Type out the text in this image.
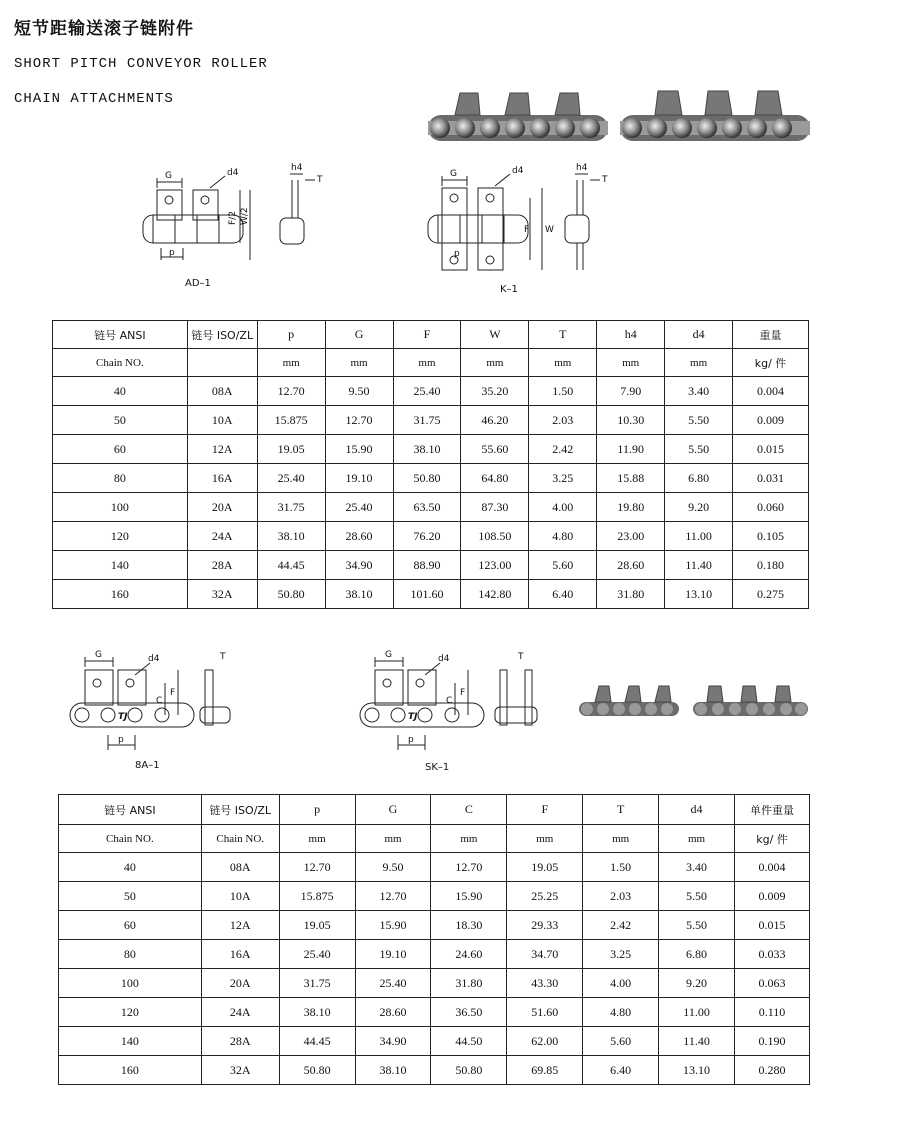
短节距输送滚子链附件
SHORT PITCH CONVEYOR ROLLER
CHAIN ATTACHMENTS
G	d4
F/2 W/2
p
h4
T
AD–1
G	d4
F W
p
h4
T
K–1
链号 ANSI	链号 ISO/ZL	p	G	F	W	T	h4	d4	重量
Chain NO.		mm	mm	mm	mm	mm	mm	mm	kg/ 件
40	08A	12.70	9.50	25.40	35.20	1.50	7.90	3.40	0.004
50	10A	15.875	12.70	31.75	46.20	2.03	10.30	5.50	0.009
60	12A	19.05	15.90	38.10	55.60	2.42	11.90	5.50	0.015
80	16A	25.40	19.10	50.80	64.80	3.25	15.88	6.80	0.031
100	20A	31.75	25.40	63.50	87.30	4.00	19.80	9.20	0.060
120	24A	38.10	28.60	76.20	108.50	4.80	23.00	11.00	0.105
140	28A	44.45	34.90	88.90	123.00	5.60	28.60	11.40	0.180
160	32A	50.80	38.10	101.60	142.80	6.40	31.80	13.10	0.275
G	d4
C
F
p
T
TJ
8A–1
G	d4
C
F
p
T
TJ
SK–1
链号 ANSI	链号 ISO/ZL	p	G	C	F	T	d4	单件重量
Chain NO.	Chain NO.	mm	mm	mm	mm	mm	mm	kg/ 件
40	08A	12.70	9.50	12.70	19.05	1.50	3.40	0.004
50	10A	15.875	12.70	15.90	25.25	2.03	5.50	0.009
60	12A	19.05	15.90	18.30	29.33	2.42	5.50	0.015
80	16A	25.40	19.10	24.60	34.70	3.25	6.80	0.033
100	20A	31.75	25.40	31.80	43.30	4.00	9.20	0.063
120	24A	38.10	28.60	36.50	51.60	4.80	11.00	0.110
140	28A	44.45	34.90	44.50	62.00	5.60	11.40	0.190
160	32A	50.80	38.10	50.80	69.85	6.40	13.10	0.280
